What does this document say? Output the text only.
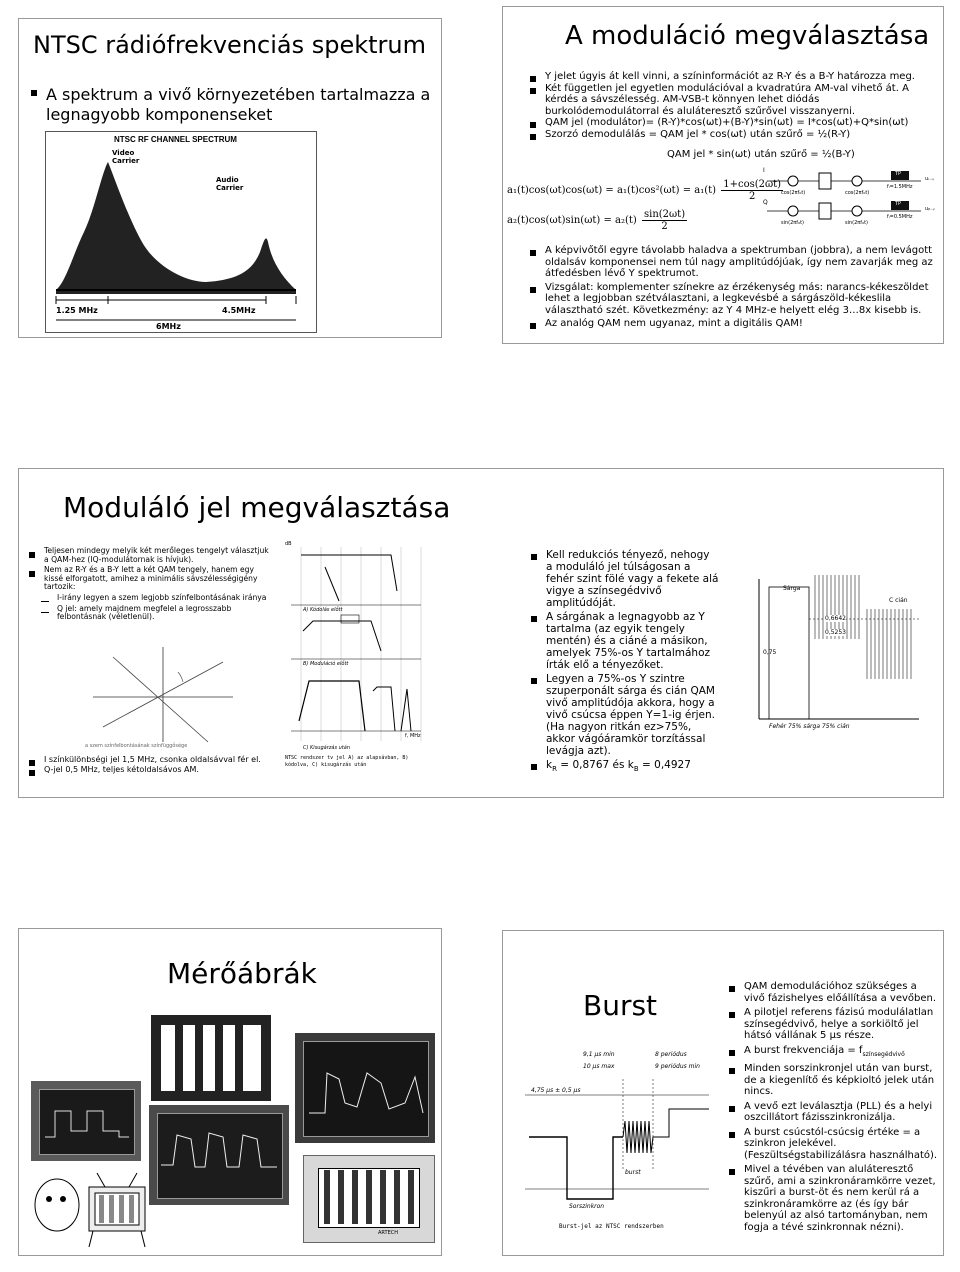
NTSC rádiófrekvenciás spektrum
A spektrum a vivő környezetében tartalmazza a legnagyobb komponenseket
NTSC RF CHANNEL SPECTRUM
Video Carrier
Audio Carrier
1.25 MHz	4.5MHz
6MHz
A moduláció megválasztása
Y jelet úgyis át kell vinni, a színinformációt az R-Y és a B-Y határozza meg.
Két független jel egyetlen modulációval a kvadratúra AM-val vihető át. A kérdés a sávszélesség. AM-VSB-t könnyen lehet diódás burkolódemodulátorral és aluláteresztő szűrővel visszanyerni.
QAM jel (modulátor)= (R-Y)*cos(ωt)+(B-Y)*sin(ωt) = I*cos(ωt)+Q*sin(ωt)
Szorzó demodulálás = QAM jel * cos(ωt) után szűrő = ½(R-Y)
QAM jel * sin(ωt) után szűrő = ½(B-Y)
$a_1(t)\cos(\omega t)\cos(\omega t) = a_1(t)\cos^2(\omega t) = a_1(t) \frac{1+\cos(2\omega t)}{2}$
$a_2(t)\cos(\omega t)\sin(\omega t) = a_2(t) \frac{\sin(2\omega t)}{2}$
I
Q
cos(2πf₀t)
sin(2πf₀t)
cos(2πf₀t)
sin(2πf₀t)
TP
TP
fᵢ=1.5MHz
fᵢ=0.5MHz
uᵣ₋ᵧ
uᵦ₋ᵧ
A képvivőtől egyre távolabb haladva a spektrumban (jobbra), a nem levágott oldalsáv komponensei nem túl nagy amplitúdójúak, így nem zavarják meg az átfedésben lévő Y spektrumot.
Vizsgálat: komplementer színekre az érzékenység más: narancs-kékeszöldet lehet a legjobban szétválasztani, a legkevésbé a sárgászöld-kékeslila választható szét. Következmény: az Y 4 MHz-e helyett elég 3…8x kisebb is.
Az analóg QAM nem ugyanaz, mint a digitális QAM!
Moduláló jel megválasztása
Teljesen mindegy melyik két merőleges tengelyt választjuk a QAM-hez (IQ-modulátornak is hívjuk).
Nem az R-Y és a B-Y lett a két QAM tengely, hanem egy kissé elforgatott, amihez a minimális sávszélességigény tartozik:
I-irány legyen a szem legjobb színfelbontásának iránya
Q jel: amely majdnem megfelel a legrosszabb felbontásnak (véletlenül).
a szem színfelbontásának színfüggősége
dB
A) Kódolás előtt
B) Moduláció előtt
C) Kisugárzás után
f, MHz
NTSC rendszer tv jel A) az alapsávban, B) kódolva, C) kisugárzás után
I színkülönbségi jel 1,5 MHz, csonka oldalsávval fér el.
Q-jel 0,5 MHz, teljes kétoldalsávos AM.
Kell redukciós tényező, nehogy a moduláló jel túlságosan a fehér szint fölé vagy a fekete alá vigye a színsegédvivő amplitúdóját.
A sárgának a legnagyobb az Y tartalma (az egyik tengely mentén) és a ciáné a másikon, amelyek 75%-os Y tartalmához írták elő a tényezőket.
Legyen a 75%-os Y szintre szuperponált sárga és cián QAM vivő amplitúdója akkora, hogy a vivő csúcsa éppen Y=1-ig érjen. (Ha nagyon ritkán ez>75%, akkor vágóáramkör torzítással levágja azt).
$k_R = 0,8767$ és $k_B = 0,4927$
Sárga
C cián
0,6642
0,5253
0,75
Fehér 75% sárga 75% cián
Mérőábrák
ARTECH
Burst
QAM demodulációhoz szükséges a vivő fázishelyes előállítása a vevőben.
A pilotjel referens fázisú modulálatlan színsegédvivő, helye a sorkiöltő jel hátsó vállának 5 µs része.
A burst frekvenciája = $f_{színsegédvivő}$
Minden sorszinkronjel után van burst, de a kiegenlítő és képkioltó jelek után nincs.
A vevő ezt leválasztja (PLL) és a helyi oszcillátort fázisszinkronizálja.
A burst csúcstól-csúcsig értéke = a szinkron jelekével. (Feszültségstabilizálásra használható).
Mivel a tévében van aluláteresztő szűrő, ami a szinkronáramkörre vezet, kiszűri a burst-öt és nem kerül rá a szinkronáramkörre az (és így bár belenyúl az alsó tartományban, nem fogja a tévé szinkronnak nézni).
9,1 µs min	8 periódus
10 µs max	9 periódus min
4,75 µs ± 0,5 µs
burst
Sorszinkron
Burst-jel az NTSC rendszerben
